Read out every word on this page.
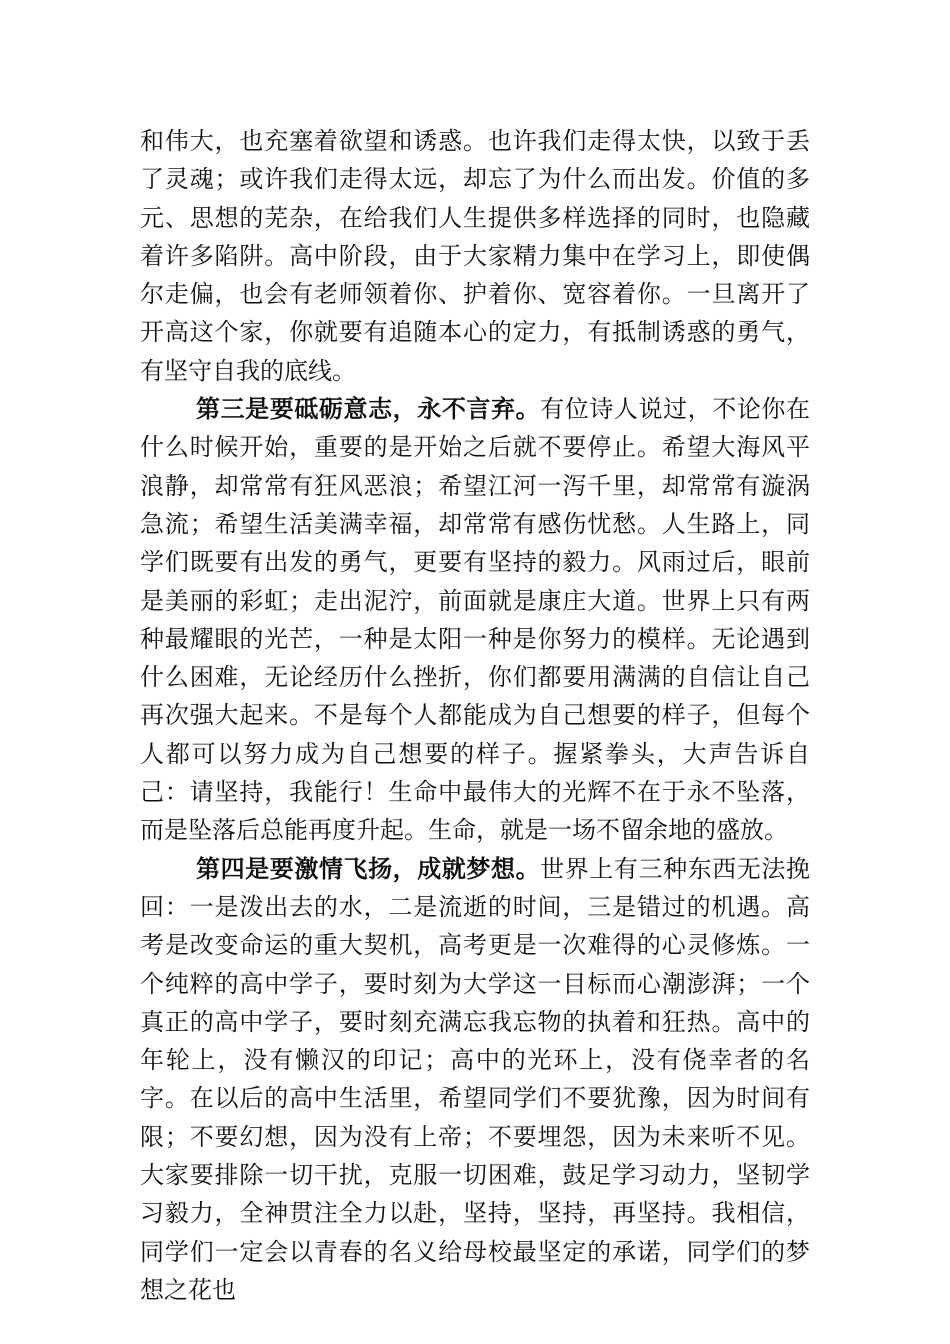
和伟大，也充塞着欲望和诱惑。也许我们走得太快，以致于丢了灵魂；或许我们走得太远，却忘了为什么而出发。价值的多元、思想的芜杂，在给我们人生提供多样选择的同时，也隐藏着许多陷阱。高中阶段，由于大家精力集中在学习上，即使偶尔走偏，也会有老师领着你、护着你、宽容着你。一旦离开了开高这个家，你就要有追随本心的定力，有抵制诱惑的勇气，有坚守自我的底线。

第三是要砥砺意志，永不言弃。有位诗人说过，不论你在什么时候开始，重要的是开始之后就不要停止。希望大海风平浪静，却常常有狂风恶浪；希望江河一泻千里，却常常有漩涡急流；希望生活美满幸福，却常常有感伤忧愁。人生路上，同学们既要有出发的勇气，更要有坚持的毅力。风雨过后，眼前是美丽的彩虹；走出泥泞，前面就是康庄大道。世界上只有两种最耀眼的光芒，一种是太阳一种是你努力的模样。无论遇到什么困难，无论经历什么挫折，你们都要用满满的自信让自己再次强大起来。不是每个人都能成为自己想要的样子，但每个人都可以努力成为自己想要的样子。握紧拳头，大声告诉自己：请坚持，我能行！生命中最伟大的光辉不在于永不坠落，而是坠落后总能再度升起。生命，就是一场不留余地的盛放。

第四是要激情飞扬，成就梦想。世界上有三种东西无法挽回：一是泼出去的水，二是流逝的时间，三是错过的机遇。高考是改变命运的重大契机，高考更是一次难得的心灵修炼。一个纯粹的高中学子，要时刻为大学这一目标而心潮澎湃；一个真正的高中学子，要时刻充满忘我忘物的执着和狂热。高中的年轮上，没有懒汉的印记；高中的光环上，没有侥幸者的名字。在以后的高中生活里，希望同学们不要犹豫，因为时间有限；不要幻想，因为没有上帝；不要埋怨，因为未来听不见。大家要排除一切干扰，克服一切困难，鼓足学习动力，坚韧学习毅力，全神贯注全力以赴，坚持，坚持，再坚持。我相信，同学们一定会以青春的名义给母校最坚定的承诺，同学们的梦想之花也
